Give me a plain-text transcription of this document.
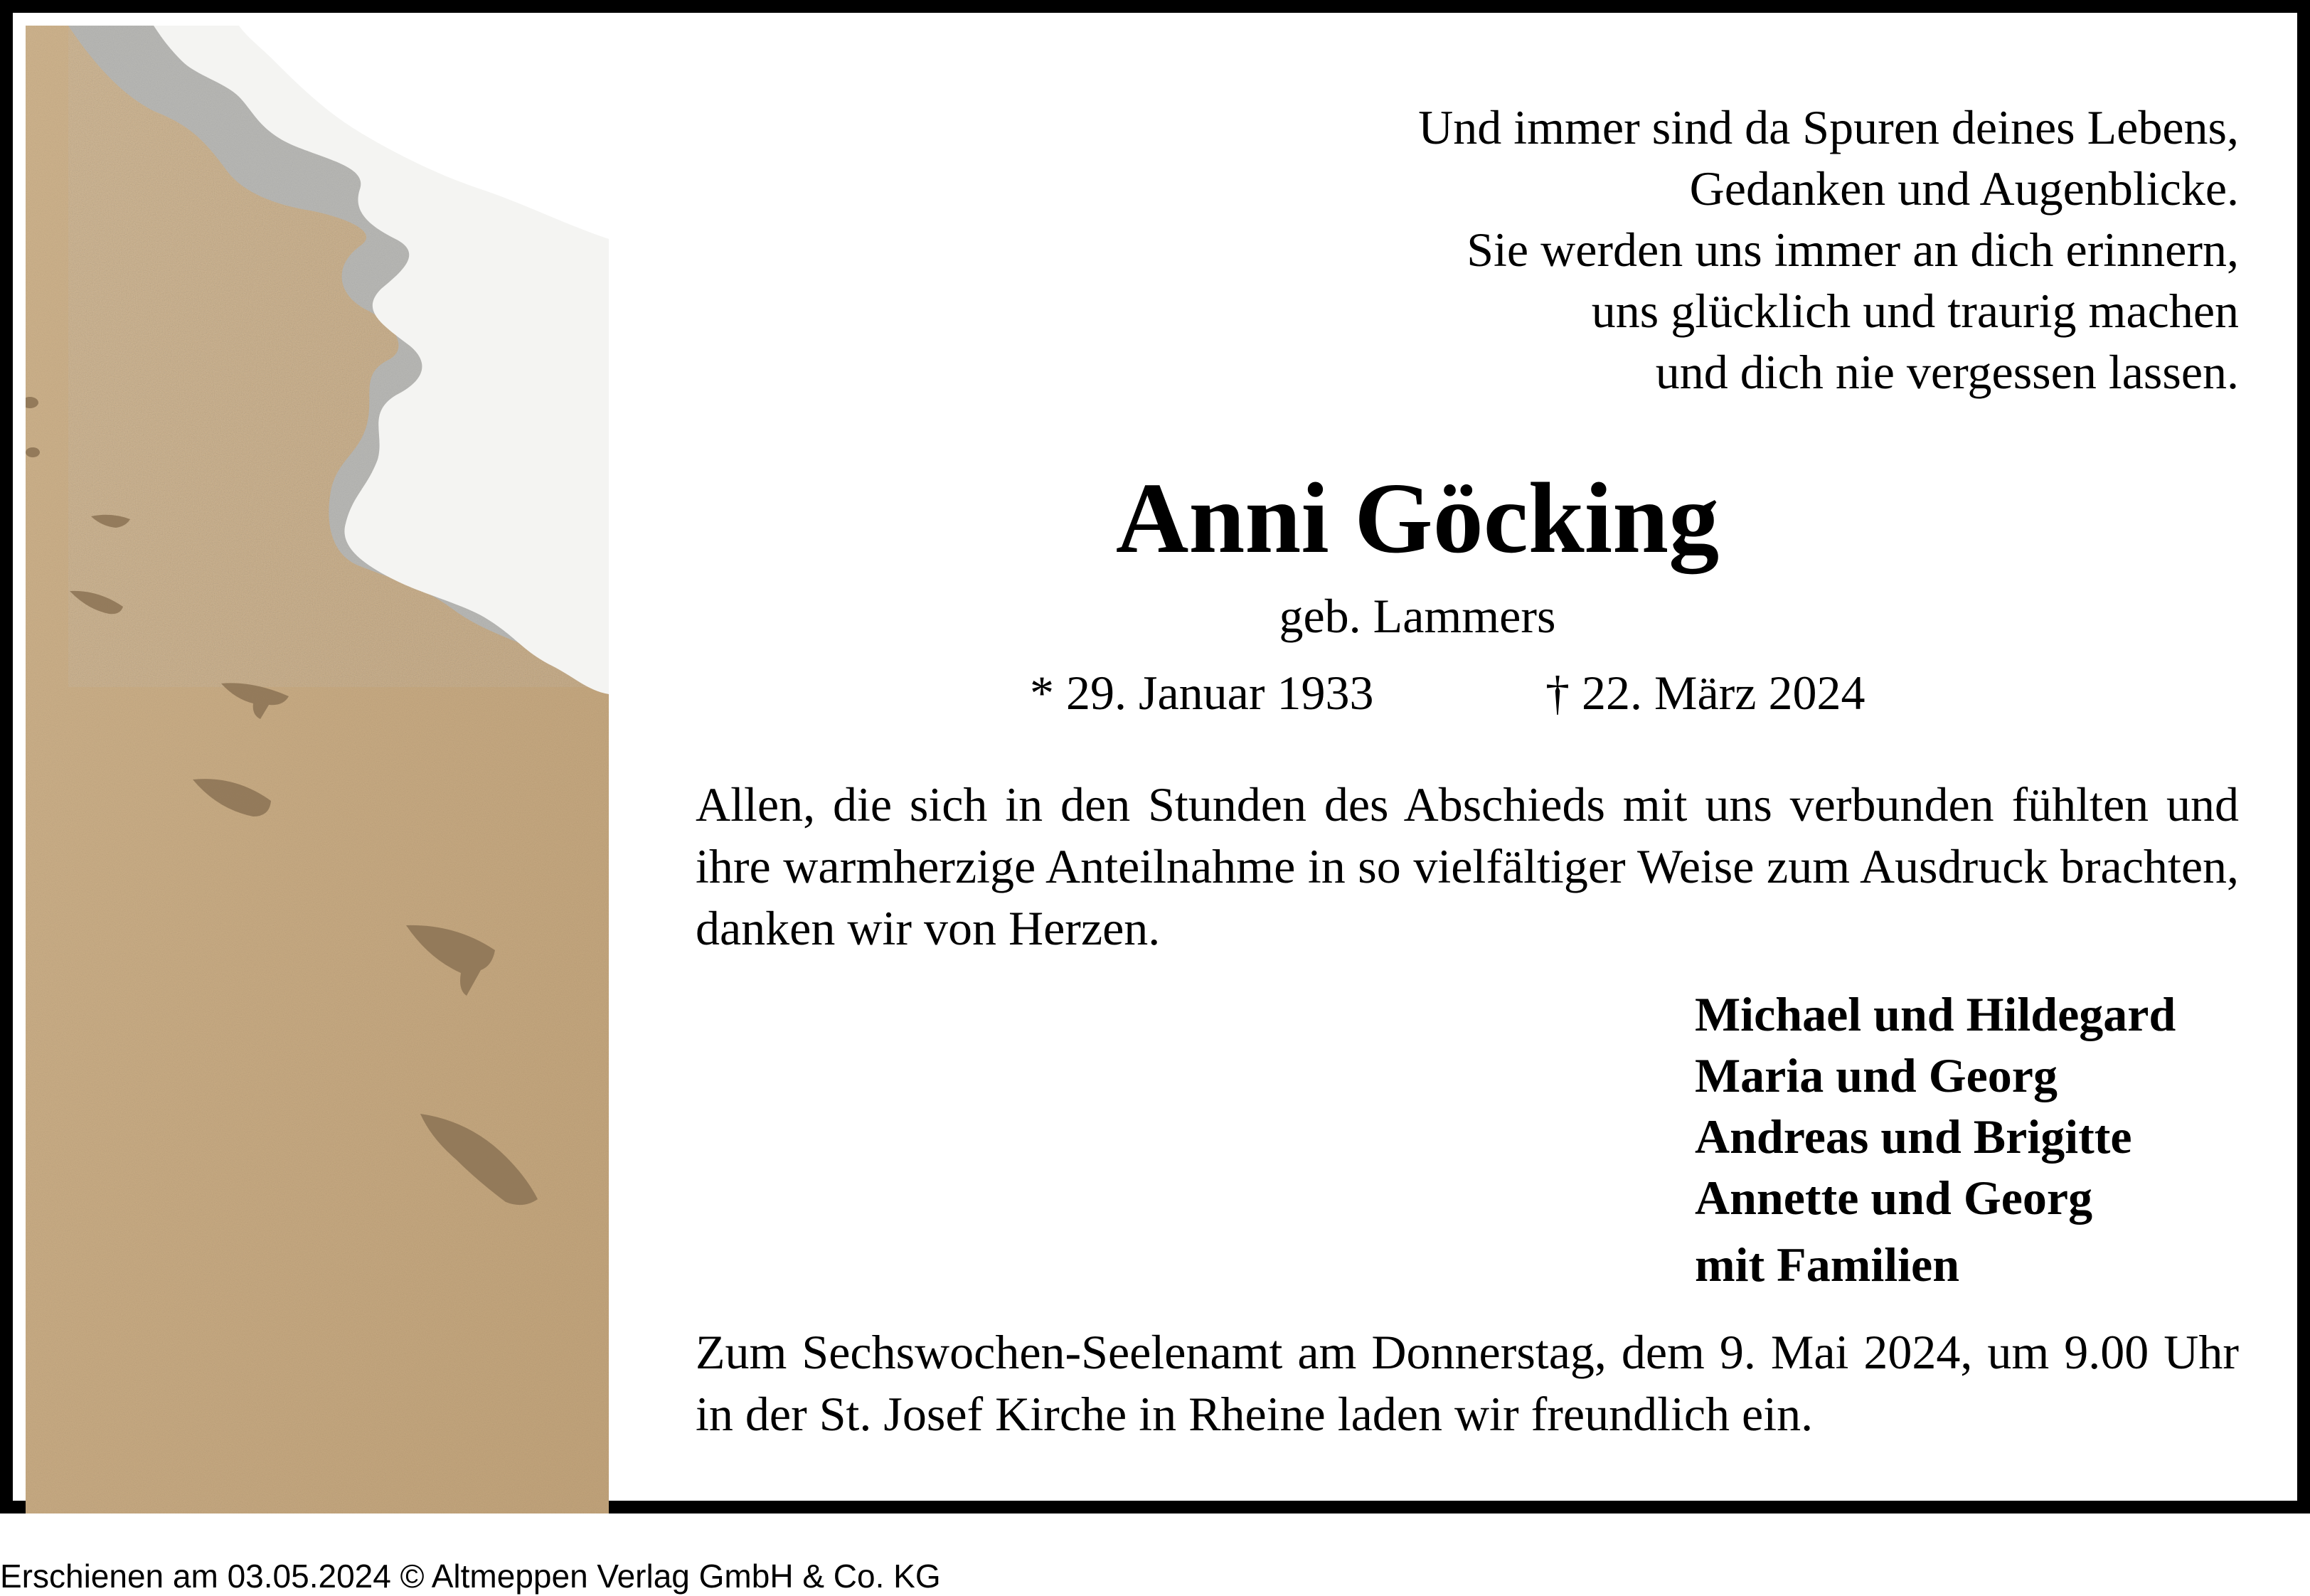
Und immer sind da Spuren deines Lebens,
Gedanken und Augenblicke.
Sie werden uns immer an dich erinnern,
uns glücklich und traurig machen
und dich nie vergessen lassen.
Anni Göcking
geb. Lammers
* 29. Januar 1933	† 22. März 2024
Allen, die sich in den Stunden des Abschieds mit uns verbunden fühlten und ihre warmherzige Anteilnahme in so vielfältiger Weise zum Ausdruck brachten, danken wir von Herzen.
Michael und Hildegard
Maria und Georg
Andreas und Brigitte
Annette und Georg
mit Familien
Zum Sechswochen-Seelenamt am Donnerstag, dem 9. Mai 2024, um 9.00 Uhr in der St. Josef Kirche in Rheine laden wir freundlich ein.
Erschienen am 03.05.2024 © Altmeppen Verlag GmbH & Co. KG
